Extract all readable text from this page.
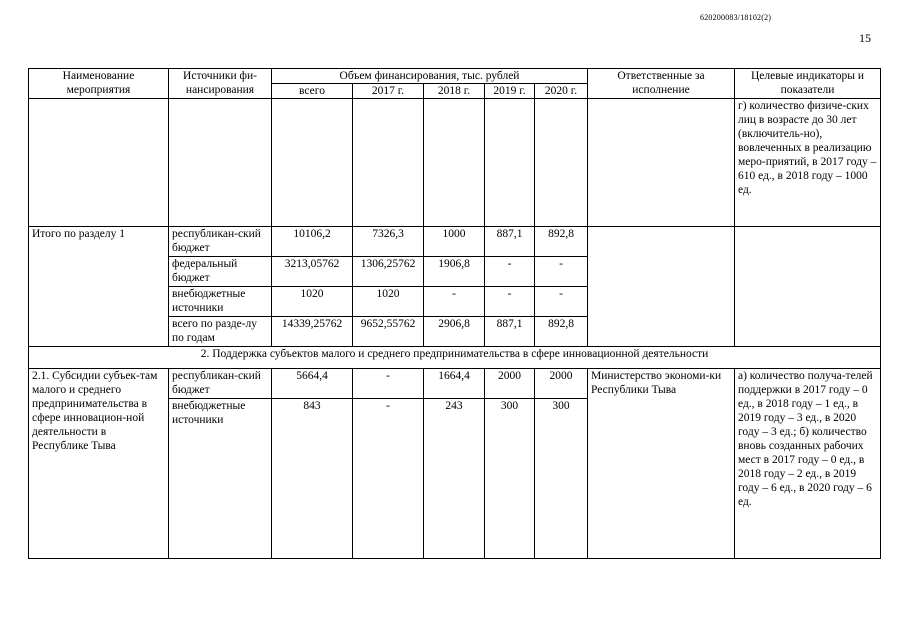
620200083/18102(2)
15
Наименование мероприятия	Источники фи-нансирования	Объем финансирования, тыс. рублей					Ответственные за исполнение	Целевые индикаторы и показатели
		всего	2017 г.	2018 г.	2019 г.	2020 г.		
								г) количество физиче-ских лиц в возрасте до 30 лет (включитель-но), вовлеченных в реализацию меро-приятий, в 2017 году – 610 ед., в 2018 году – 1000 ед.
Итого по разделу 1	республикан-ский бюджет	10106,2	7326,3	1000	887,1	892,8		
	федеральный бюджет	3213,05762	1306,25762	1906,8	-	-		
	внебюджетные источники	1020	1020	-	-	-		
	всего по разде-лу по годам	14339,25762	9652,55762	2906,8	887,1	892,8		
2. Поддержка субъектов малого и среднего предпринимательства в сфере инновационной деятельности								
2.1. Субсидии субъек-там малого и среднего предпринимательства в сфере инновацион-ной деятельности в Республике Тыва	республикан-ский бюджет	5664,4	-	1664,4	2000	2000	Министерство экономи-ки Республики Тыва	а) количество получа-телей поддержки в 2017 году – 0 ед., в 2018 году – 1 ед., в 2019 году – 3 ед., в 2020 году – 3 ед.; б) количество вновь созданных рабочих мест в 2017 году – 0 ед., в 2018 году – 2 ед., в 2019 году – 6 ед., в 2020 году – 6 ед.
	внебюджетные источники	843	-	243	300	300		
